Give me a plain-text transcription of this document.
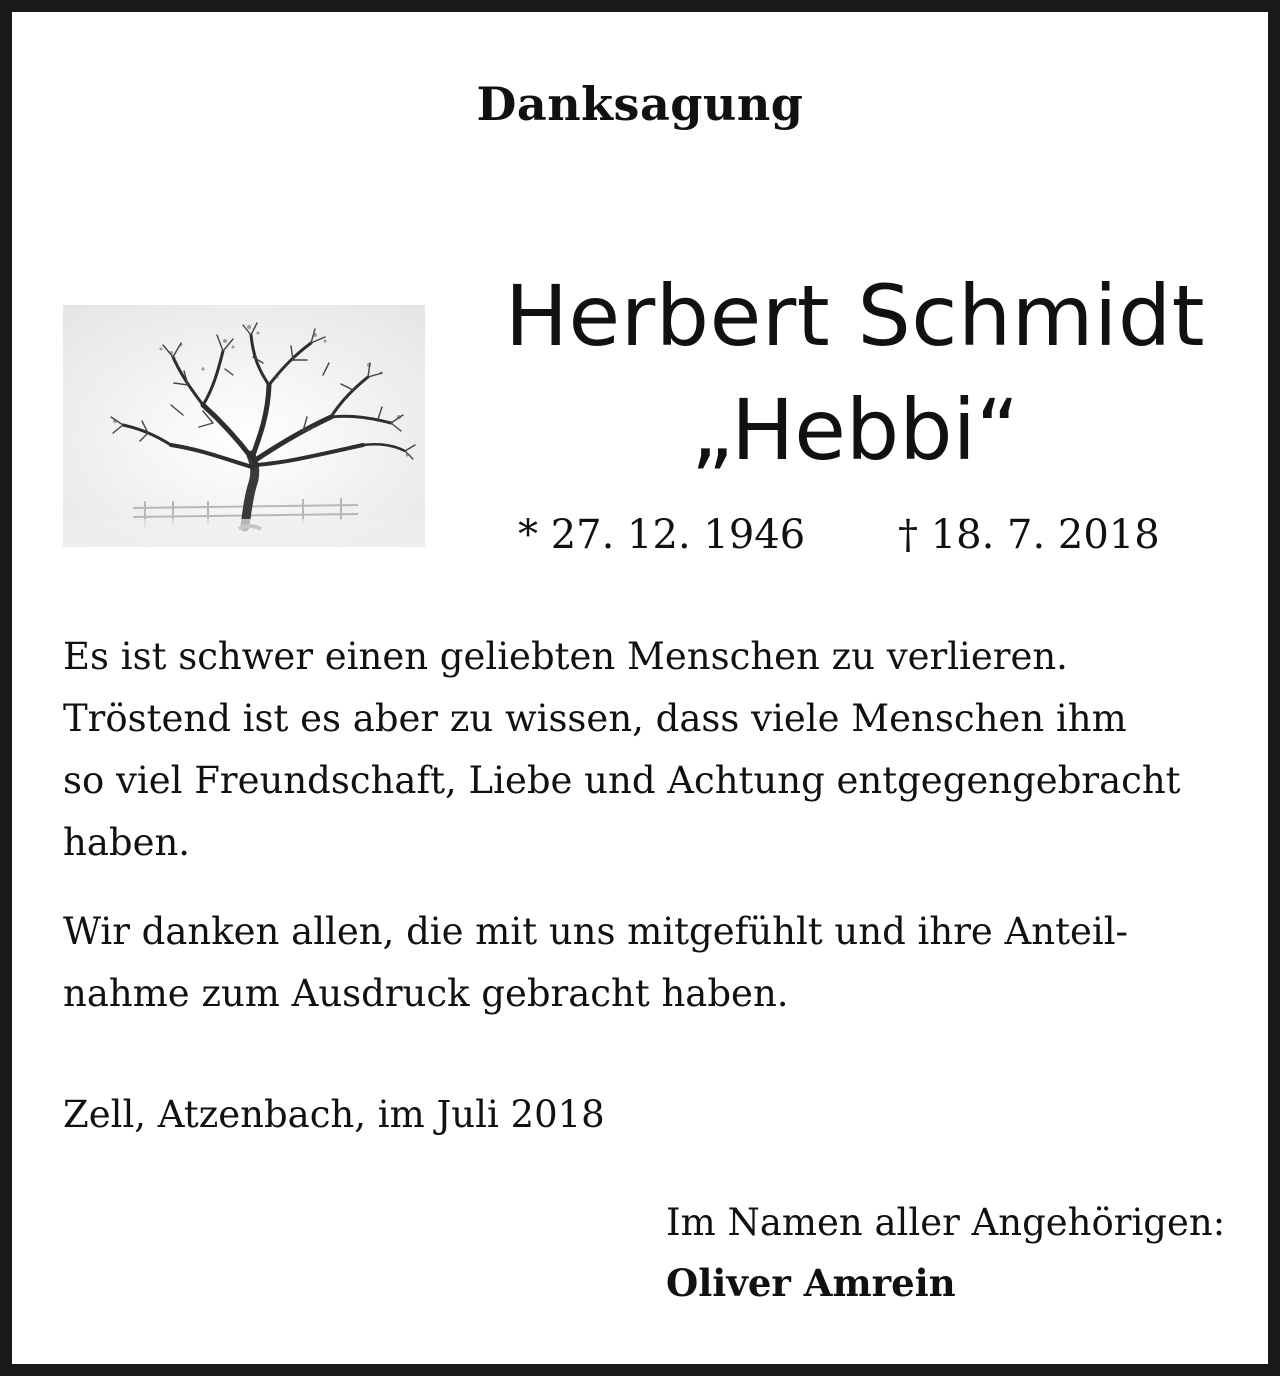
Danksagung
Herbert Schmidt
„Hebbi“
* 27. 12. 1946 † 18. 7. 2018

Es ist schwer einen geliebten Menschen zu verlieren.
Tröstend ist es aber zu wissen, dass viele Menschen ihm
so viel Freundschaft, Liebe und Achtung entgegengebracht
haben.

Wir danken allen, die mit uns mitgefühlt und ihre Anteil-
nahme zum Ausdruck gebracht haben.

Zell, Atzenbach, im Juli 2018
Im Namen aller Angehörigen:
Oliver Amrein
